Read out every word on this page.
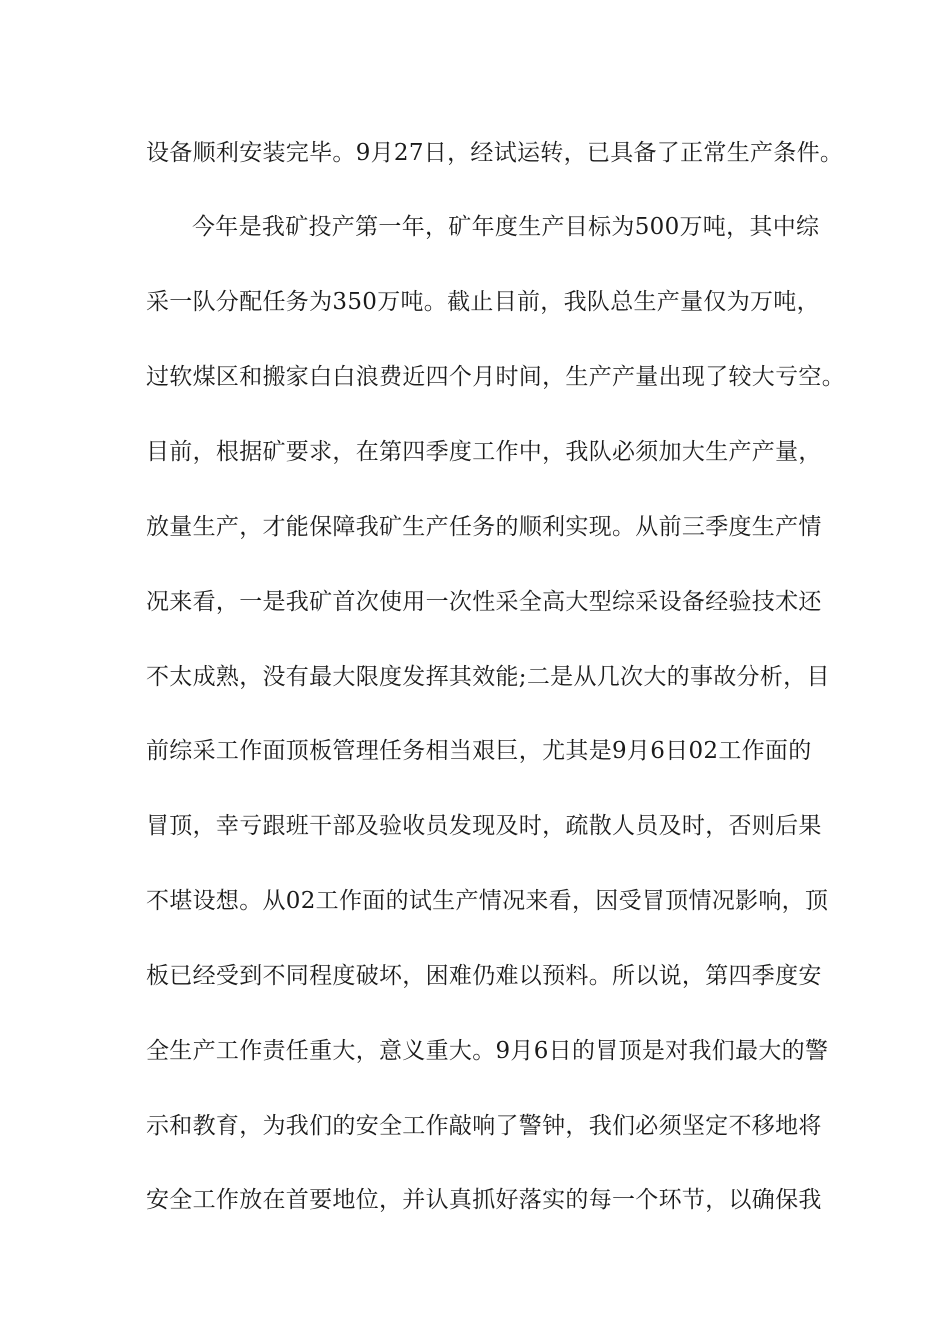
设备顺利安装完毕。9月27日，经试运转，已具备了正常生产条件。
今年是我矿投产第一年，矿年度生产目标为500万吨，其中综
采一队分配任务为350万吨。截止目前，我队总生产量仅为万吨，
过软煤区和搬家白白浪费近四个月时间，生产产量出现了较大亏空。
目前，根据矿要求，在第四季度工作中，我队必须加大生产产量，
放量生产，才能保障我矿生产任务的顺利实现。从前三季度生产情
况来看，一是我矿首次使用一次性采全高大型综采设备经验技术还
不太成熟，没有最大限度发挥其效能;二是从几次大的事故分析，目
前综采工作面顶板管理任务相当艰巨，尤其是9月6日02工作面的
冒顶，幸亏跟班干部及验收员发现及时，疏散人员及时，否则后果
不堪设想。从02工作面的试生产情况来看，因受冒顶情况影响，顶
板已经受到不同程度破坏，困难仍难以预料。所以说，第四季度安
全生产工作责任重大，意义重大。9月6日的冒顶是对我们最大的警
示和教育，为我们的安全工作敲响了警钟，我们必须坚定不移地将
安全工作放在首要地位，并认真抓好落实的每一个环节，以确保我
